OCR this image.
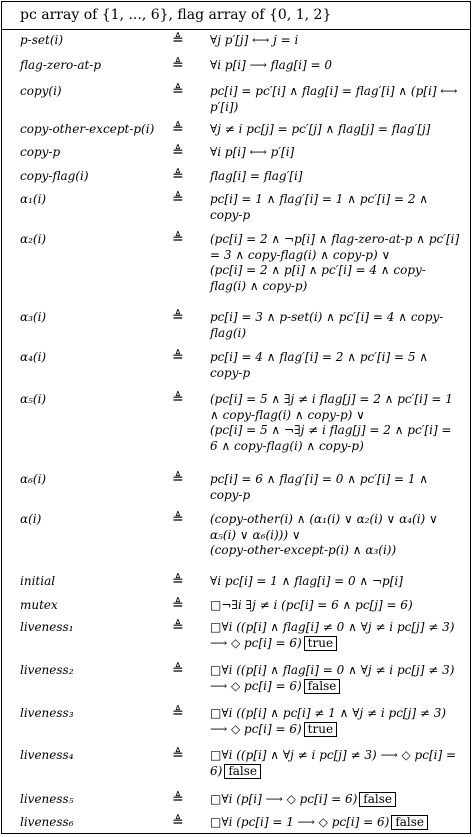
pc array of {1, ..., 6}, flag array of {0, 1, 2}
p-set(i)	≜ ∀j p′[j] ⟷ j = i
flag-zero-at-p	≜ ∀i p[i] ⟶ flag[i] = 0
copy(i)	≜ pc[i] = pc′[i] ∧ flag[i] = flag′[i] ∧ (p[i] ⟷ p′[i])
copy-other-except-p(i) ≜ ∀j ≠ i pc[j] = pc′[j] ∧ flag[j] = flag′[j]
copy-p	≜ ∀i p[i] ⟷ p′[i]
copy-flag(i)	≜ flag[i] = flag′[i]
α₁(i)	≜ pc[i] = 1 ∧ flag′[i] = 1 ∧ pc′[i] = 2 ∧ copy-p
α₂(i)	≜ (pc[i] = 2 ∧ ¬p[i] ∧ flag-zero-at-p ∧ pc′[i] = 3 ∧ copy-flag(i) ∧ copy-p) ∨
(pc[i] = 2 ∧ p[i] ∧ pc′[i] = 4 ∧ copy-flag(i) ∧ copy-p)
α₃(i)	≜ pc[i] = 3 ∧ p-set(i) ∧ pc′[i] = 4 ∧ copy-flag(i)
α₄(i)	≜ pc[i] = 4 ∧ flag′[i] = 2 ∧ pc′[i] = 5 ∧ copy-p
α₅(i)	≜ (pc[i] = 5 ∧ ∃j ≠ i flag[j] = 2 ∧ pc′[i] = 1 ∧ copy-flag(i) ∧ copy-p) ∨
(pc[i] = 5 ∧ ¬∃j ≠ i flag[j] = 2 ∧ pc′[i] = 6 ∧ copy-flag(i) ∧ copy-p)
α₆(i)	≜ pc[i] = 6 ∧ flag′[i] = 0 ∧ pc′[i] = 1 ∧ copy-p
α(i)	≜ (copy-other(i) ∧ (α₁(i) ∨ α₂(i) ∨ α₄(i) ∨ α₅(i) ∨ α₆(i))) ∨
(copy-other-except-p(i) ∧ α₃(i))
initial	≜ ∀i pc[i] = 1 ∧ flag[i] = 0 ∧ ¬p[i]
mutex	≜ □¬∃i ∃j ≠ i (pc[i] = 6 ∧ pc[j] = 6)
liveness₁	≜ □∀i ((p[i] ∧ flag[i] ≠ 0 ∧ ∀j ≠ i pc[j] ≠ 3) ⟶ ◇ pc[i] = 6) true
liveness₂	≜ □∀i ((p[i] ∧ flag[i] = 0 ∧ ∀j ≠ i pc[j] ≠ 3) ⟶ ◇ pc[i] = 6) false
liveness₃	≜ □∀i ((p[i] ∧ pc[i] ≠ 1 ∧ ∀j ≠ i pc[j] ≠ 3) ⟶ ◇ pc[i] = 6) true
liveness₄	≜ □∀i ((p[i] ∧ ∀j ≠ i pc[j] ≠ 3) ⟶ ◇ pc[i] = 6) false
liveness₅	≜ □∀i (p[i] ⟶ ◇ pc[i] = 6) false
liveness₆	≜ □∀i (pc[i] = 1 ⟶ ◇ pc[i] = 6) false
